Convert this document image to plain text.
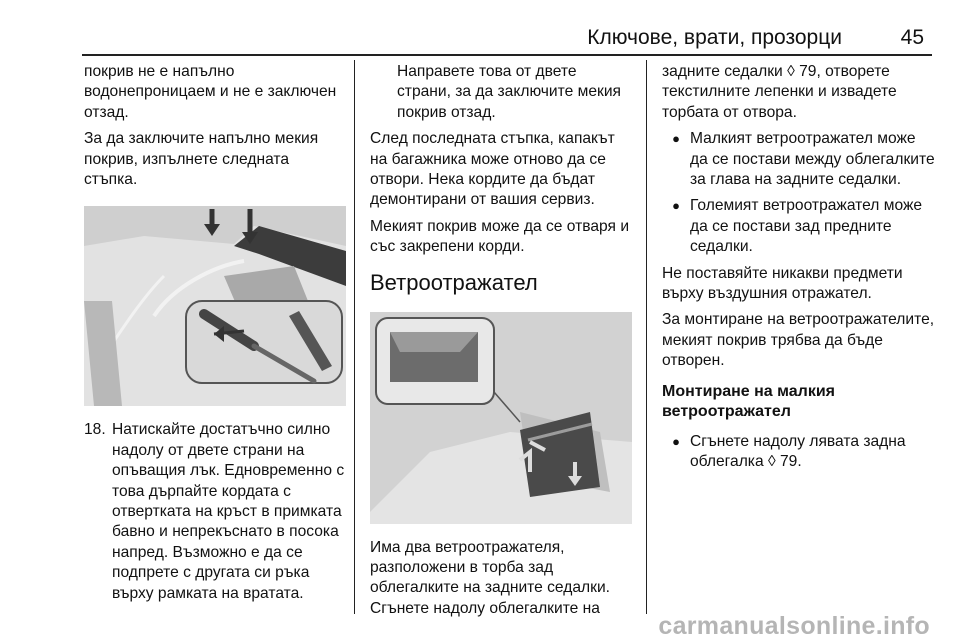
Ключове, врати, прозорци	45

покрив не е напълно водонепроницаем и не е заключен отзад.

За да заключите напълно мекия покрив, изпълнете следната стъпка.

18. Натискайте достатъчно силно надолу от двете страни на опъващия лък. Едновременно с това дърпайте кордата с отвертката на кръст в примката бавно и непрекъснато в посока напред. Възможно е да се подпрете с другата си ръка върху рамката на вратата.

Направете това от двете страни, за да заключите мекия покрив отзад.

След последната стъпка, капакът на багажника може отново да се отвори. Нека кордите да бъдат демонтирани от вашия сервиз.

Мекият покрив може да се отваря и със закрепени корди.

Ветроотражател

Има два ветроотражателя, разположени в торба зад облегалките на задните седалки. Сгънете надолу облегалките на

задните седалки ◊ 79, отворете текстилните лепенки и извадете торбата от отвора.

● Малкият ветроотражател може да се постави между облегалките за глава на задните седалки.
● Големият ветроотражател може да се постави зад предните седалки.

Не поставяйте никакви предмети върху въздушния отражател.

За монтиране на ветроотражателите, мекият покрив трябва да бъде отворен.

Монтиране на малкия ветроотражател
● Сгънете надолу лявата задна облегалка ◊ 79.
carmanualsonline.info
